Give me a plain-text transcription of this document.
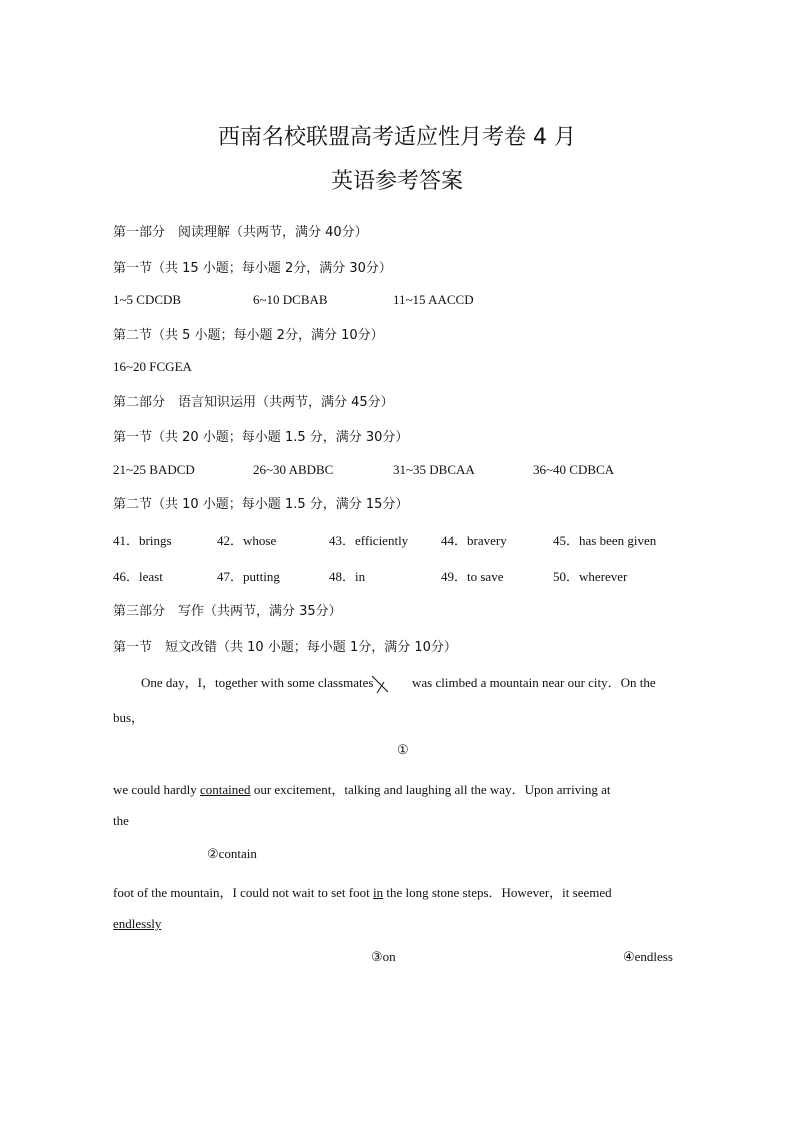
西南名校联盟高考适应性月考卷 4 月
英语参考答案
第一部分　阅读理解（共两节，满分 40分）
第一节（共 15 小题；每小题 2分，满分 30分）
1~5 CDCDB	6~10 DCBAB	11~15 AACCD
第二节（共 5 小题；每小题 2分，满分 10分）
16~20 FCGEA
第二部分　语言知识运用（共两节，满分 45分）
第一节（共 20 小题；每小题 1.5 分，满分 30分）
21~25 BADCD	26~30 ABDBC	31~35 DBCAA	36~40 CDBCA
第二节（共 10 小题；每小题 1.5 分，满分 15分）
41．brings	42．whose	43．efficiently	44．bravery	45．has been given
46．least	47．putting	48．in	49．to save	50．wherever
第三部分　写作（共两节，满分 35分）
第一节　短文改错（共 10 小题；每小题 1分，满分 10分）
One day，I，together with some classmates	was climbed a mountain near our city．On the
bus，
①
we could hardly contained our excitement，talking and laughing all the way．Upon arriving at
the
②contain
foot of the mountain，I could not wait to set foot in the long stone steps．However，it seemed
endlessly
③on	④endless
